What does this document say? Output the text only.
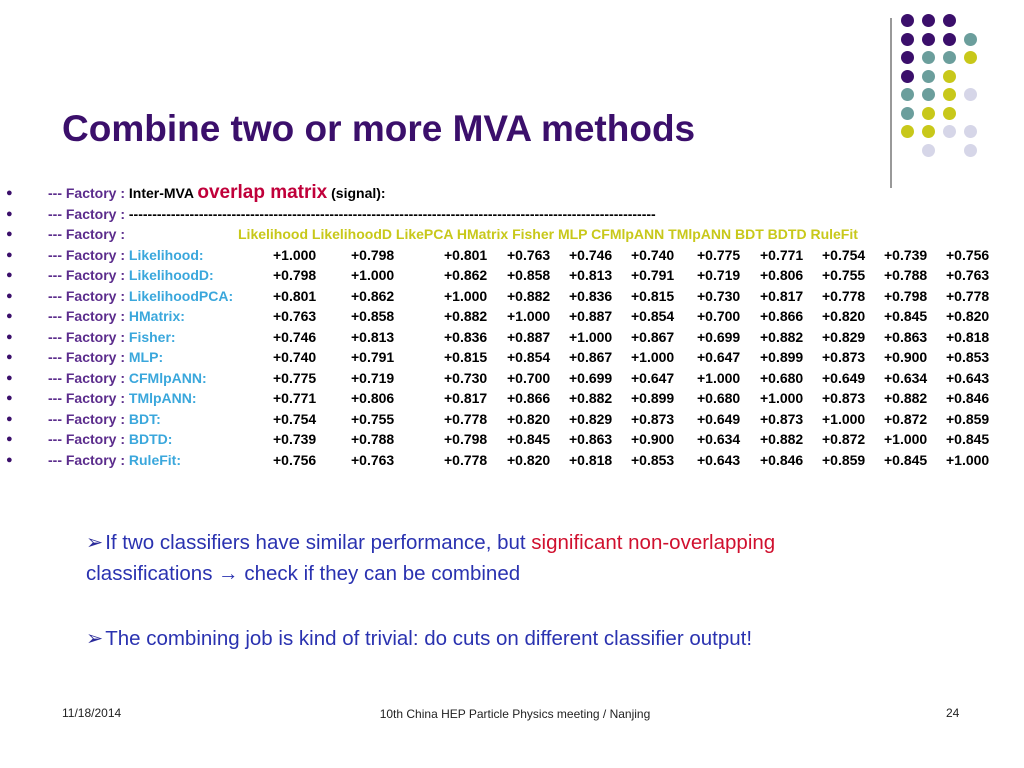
Combine two or more MVA methods
●	--- Factory : Inter-MVA overlap matrix (signal):
●	--- Factory : -----------------------------------------------------------------------------------------------------------------
●	--- Factory :	Likelihood LikelihoodD LikePCA HMatrix Fisher MLP CFMlpANN TMlpANN BDT BDTD RuleFit
●	--- Factory : Likelihood:	+1.000 +0.798	+0.801 +0.763 +0.746 +0.740 +0.775 +0.771 +0.754 +0.739 +0.756
●	--- Factory : LikelihoodD:	+0.798 +1.000	+0.862 +0.858 +0.813 +0.791 +0.719 +0.806 +0.755 +0.788 +0.763
●	--- Factory : LikelihoodPCA:	+0.801 +0.862	+1.000 +0.882 +0.836 +0.815 +0.730 +0.817 +0.778 +0.798 +0.778
●	--- Factory : HMatrix:	+0.763 +0.858	+0.882 +1.000 +0.887 +0.854 +0.700 +0.866 +0.820 +0.845 +0.820
●	--- Factory : Fisher:	+0.746 +0.813	+0.836 +0.887 +1.000 +0.867 +0.699 +0.882 +0.829 +0.863 +0.818
●	--- Factory : MLP:	+0.740 +0.791	+0.815 +0.854 +0.867 +1.000 +0.647 +0.899 +0.873 +0.900 +0.853
●	--- Factory : CFMlpANN:	+0.775 +0.719	+0.730 +0.700 +0.699 +0.647 +1.000 +0.680 +0.649 +0.634 +0.643
●	--- Factory : TMlpANN:	+0.771 +0.806	+0.817 +0.866 +0.882 +0.899 +0.680 +1.000 +0.873 +0.882 +0.846
●	--- Factory : BDT:	+0.754 +0.755	+0.778 +0.820 +0.829 +0.873 +0.649 +0.873 +1.000 +0.872 +0.859
●	--- Factory : BDTD:	+0.739 +0.788	+0.798 +0.845 +0.863 +0.900 +0.634 +0.882 +0.872 +1.000 +0.845
●	--- Factory : RuleFit:	+0.756 +0.763	+0.778 +0.820 +0.818 +0.853 +0.643 +0.846 +0.859 +0.845 +1.000

➢If two classifiers have similar performance, but significant non-overlapping
classifications → check if they can be combined

➢The combining job is kind of trivial: do cuts on different classifier output!

11/18/2014	10th China HEP Particle Physics meeting / Nanjing	24
